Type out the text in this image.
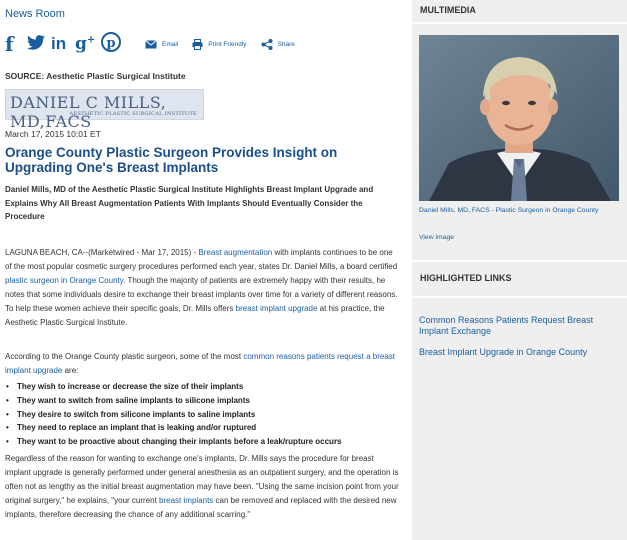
News Room
f	in g+ p	Email	Print Friendly	Share
SOURCE: Aesthetic Plastic Surgical Institute
DANIEL C MILLS, MD,FACS
AESTHETIC PLASTIC SURGICAL INSTITUTE
March 17, 2015 10:01 ET
Orange County Plastic Surgeon Provides Insight on Upgrading One's Breast Implants
Daniel Mills, MD of the Aesthetic Plastic Surgical Institute Highlights Breast Implant Upgrade and Explains Why All Breast Augmentation Patients With Implants Should Eventually Consider the Procedure

LAGUNA BEACH, CA--(Marketwired - Mar 17, 2015) - Breast augmentation with implants continues to be one of the most popular cosmetic surgery procedures performed each year, states Dr. Daniel Mills, a board certified plastic surgeon in Orange County. Though the majority of patients are extremely happy with their results, he notes that some individuals desire to exchange their breast implants over time for a variety of different reasons. To help these women achieve their specific goals, Dr. Mills offers breast implant upgrade at his practice, the Aesthetic Plastic Surgical Institute.

According to the Orange County plastic surgeon, some of the most common reasons patients request a breast implant upgrade are:

• They wish to increase or decrease the size of their implants
• They want to switch from saline implants to silicone implants
• They desire to switch from silicone implants to saline implants
• They need to replace an implant that is leaking and/or ruptured
• They want to be proactive about changing their implants before a leak/rupture occurs

Regardless of the reason for wanting to exchange one's implants, Dr. Mills says the procedure for breast implant upgrade is generally performed under general anesthesia as an outpatient surgery, and the operation is often not as lengthy as the initial breast augmentation may have been. "Using the same incision point from your original surgery," he explains, "your current breast implants can be removed and replaced with the desired new implants, therefore decreasing the chance of any additional scarring."

MULTIMEDIA
Daniel Mills, MD, FACS - Plastic Surgeon in Orange County
View image
HIGHLIGHTED LINKS
Common Reasons Patients Request Breast Implant Exchange
Breast Implant Upgrade in Orange County
